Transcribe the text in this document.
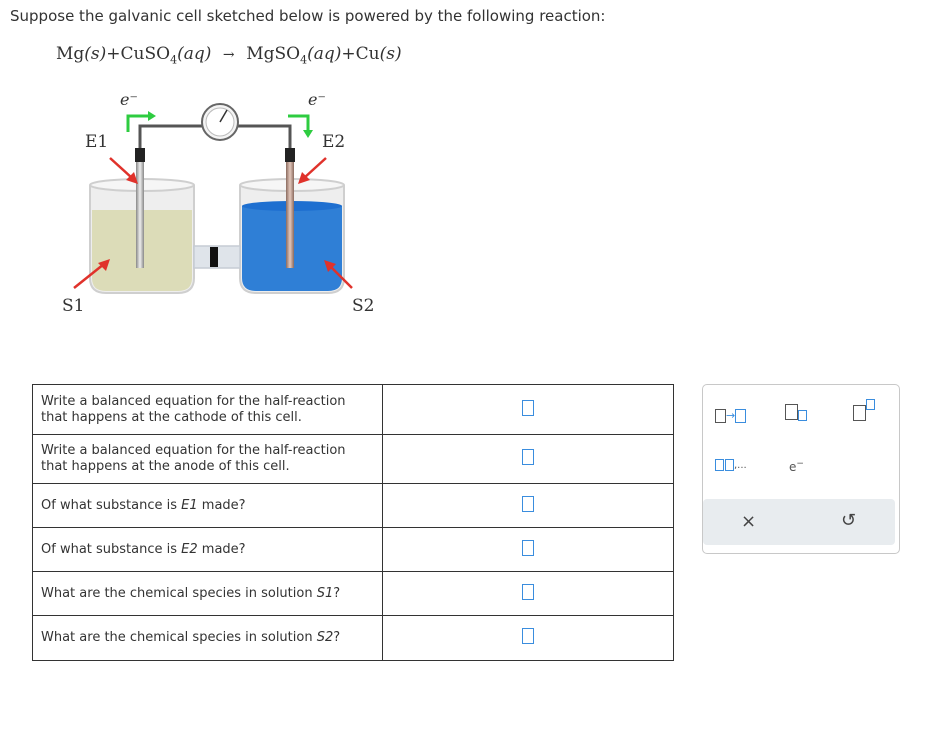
Suppose the galvanic cell sketched below is powered by the following reaction:
Mg(s)+CuSO$_4$(aq) → MgSO$_4$(aq)+Cu(s)
e⁻	e⁻
E1	E2
S1	S2
Write a balanced equation for the half-reaction
that happens at the cathode of this cell.	

Write a balanced equation for the half-reaction
that happens at the anode of this cell.	

Of what substance is E1 made?	
Of what substance is E2 made?	
What are the chemical species in solution S1?	
What are the chemical species in solution S2?	
→
,...	e−
×	↺
